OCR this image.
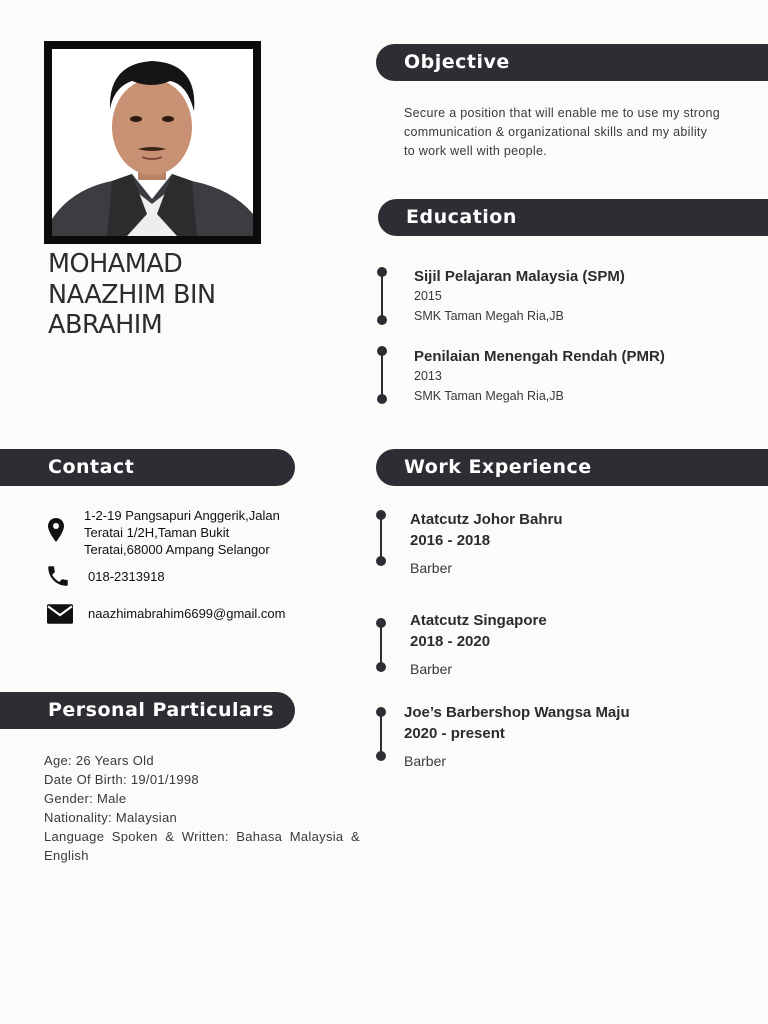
MOHAMAD
NAAZHIM BIN
ABRAHIM
Objective
Secure a position that will enable me to use my strong communication & organizational skills and my ability
to work well with people.
Education
Sijil Pelajaran Malaysia (SPM)
2015
SMK Taman Megah Ria,JB
Penilaian Menengah Rendah (PMR)
2013
SMK Taman Megah Ria,JB
Contact
1-2-19 Pangsapuri Anggerik,Jalan
Teratai 1/2H,Taman Bukit
Teratai,68000 Ampang Selangor
018-2313918
naazhimabrahim6699@gmail.com
Personal Particulars
Age: 26 Years Old
Date Of Birth: 19/01/1998
Gender: Male
Nationality: Malaysian
Language Spoken & Written: Bahasa Malaysia & English
Work Experience
Atatcutz Johor Bahru
2016 - 2018
Barber
Atatcutz Singapore
2018 - 2020
Barber
Joe’s Barbershop Wangsa Maju
2020 - present
Barber
